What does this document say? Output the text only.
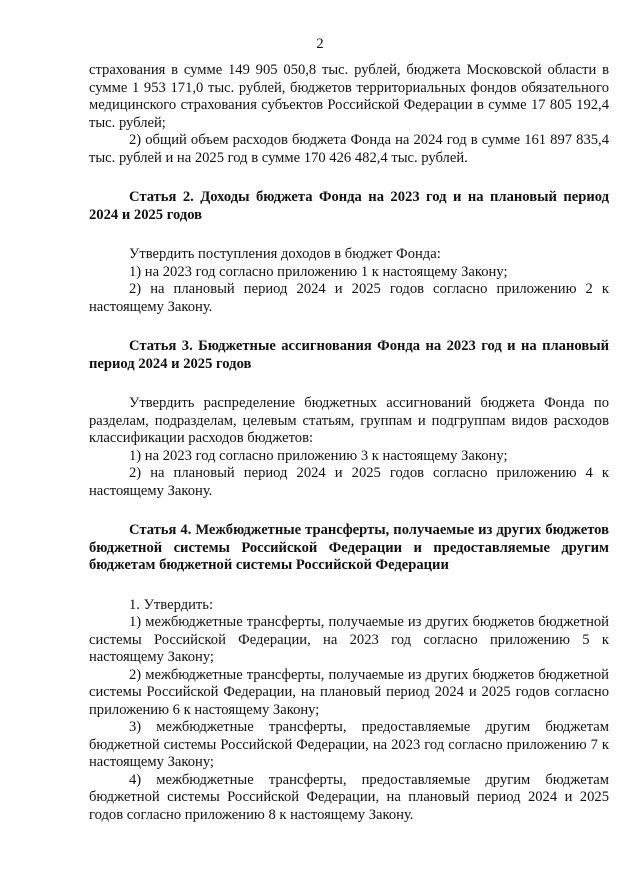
2

страхования в сумме 149 905 050,8 тыс. рублей, бюджета Московской области в сумме 1 953 171,0 тыс. рублей, бюджетов территориальных фондов обязательного медицинского страхования субъектов Российской Федерации в сумме 17 805 192,4 тыс. рублей;

2) общий объем расходов бюджета Фонда на 2024 год в сумме 161 897 835,4 тыс. рублей и на 2025 год в сумме 170 426 482,4 тыс. рублей.

Статья 2. Доходы бюджета Фонда на 2023 год и на плановый период 2024 и 2025 годов

Утвердить поступления доходов в бюджет Фонда:

1) на 2023 год согласно приложению 1 к настоящему Закону;

2) на плановый период 2024 и 2025 годов согласно приложению 2 к настоящему Закону.

Статья 3. Бюджетные ассигнования Фонда на 2023 год и на плановый период 2024 и 2025 годов

Утвердить распределение бюджетных ассигнований бюджета Фонда по разделам, подразделам, целевым статьям, группам и подгруппам видов расходов классификации расходов бюджетов:

1) на 2023 год согласно приложению 3 к настоящему Закону;

2) на плановый период 2024 и 2025 годов согласно приложению 4 к настоящему Закону.

Статья 4. Межбюджетные трансферты, получаемые из других бюджетов бюджетной системы Российской Федерации и предоставляемые другим бюджетам бюджетной системы Российской Федерации

1. Утвердить:

1) межбюджетные трансферты, получаемые из других бюджетов бюджетной системы Российской Федерации, на 2023 год согласно приложению 5 к настоящему Закону;

2) межбюджетные трансферты, получаемые из других бюджетов бюджетной системы Российской Федерации, на плановый период 2024 и 2025 годов согласно приложению 6 к настоящему Закону;

3) межбюджетные трансферты, предоставляемые другим бюджетам бюджетной системы Российской Федерации, на 2023 год согласно приложению 7 к настоящему Закону;

4) межбюджетные трансферты, предоставляемые другим бюджетам бюджетной системы Российской Федерации, на плановый период 2024 и 2025 годов согласно приложению 8 к настоящему Закону.
